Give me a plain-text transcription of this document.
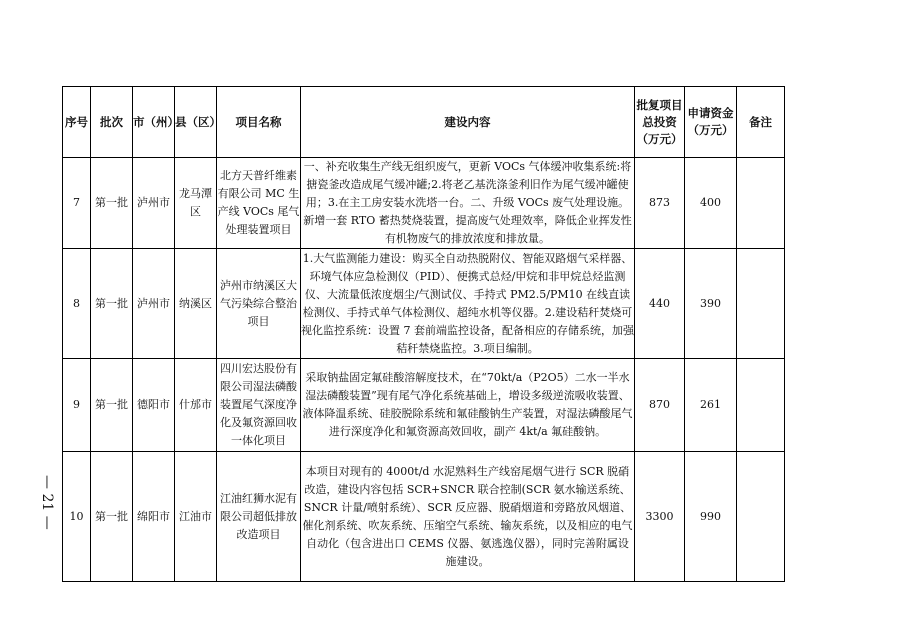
— 21 —
序号	批次	市（州）	县（区）	项目名称	建设内容	批复项目总投资（万元）	申请资金（万元）	备注
7	第一批	泸州市	龙马潭区	北方天普纤维素有限公司 MC 生产线 VOCs 尾气处理装置项目	一、补充收集生产线无组织废气，更新 VOCs 气体缓冲收集系统:将搪瓷釜改造成尾气缓冲罐;2.将老乙基洗涤釜利旧作为尾气缓冲罐使用；3.在主工房安装水洗塔一台。二、升级 VOCs 废气处理设施。新增一套 RTO 蓄热焚烧装置，提高废气处理效率，降低企业挥发性有机物废气的排放浓度和排放量。	873	400	
8	第一批	泸州市	纳溪区	泸州市纳溪区大气污染综合整治项目	1.大气监测能力建设：购买全自动热脱附仪、智能双路烟气采样器、环境气体应急检测仪（PID）、便携式总烃/甲烷和非甲烷总烃监测仪、大流量低浓度烟尘/气测试仪、手持式 PM2.5/PM10 在线直读检测仪、手持式单气体检测仪、超纯水机等仪器。2.建设秸秆焚烧可视化监控系统：设置 7 套前端监控设备，配备相应的存储系统，加强秸秆禁烧监控。3.项目编制。	440	390	
9	第一批	德阳市	什邡市	四川宏达股份有限公司湿法磷酸装置尾气深度净化及氟资源回收一体化项目	采取钠盐固定氟硅酸溶解度技术，在“70kt/a（P2O5）二水一半水湿法磷酸装置”现有尾气净化系统基础上，增设多级逆流吸收装置、液体降温系统、硅胶脱除系统和氟硅酸钠生产装置，对湿法磷酸尾气进行深度净化和氟资源高效回收，副产 4kt/a 氟硅酸钠。	870	261	
10	第一批	绵阳市	江油市	江油红狮水泥有限公司超低排放改造项目	本项目对现有的 4000t/d 水泥熟料生产线窑尾烟气进行 SCR 脱硝改造，建设内容包括 SCR+SNCR 联合控制(SCR 氨水输送系统、SNCR 计量/喷射系统）、SCR 反应器、脱硝烟道和旁路放风烟道、催化剂系统、吹灰系统、压缩空气系统、输灰系统，以及相应的电气自动化（包含进出口 CEMS 仪器、氨逃逸仪器），同时完善附属设施建设。	3300	990	
